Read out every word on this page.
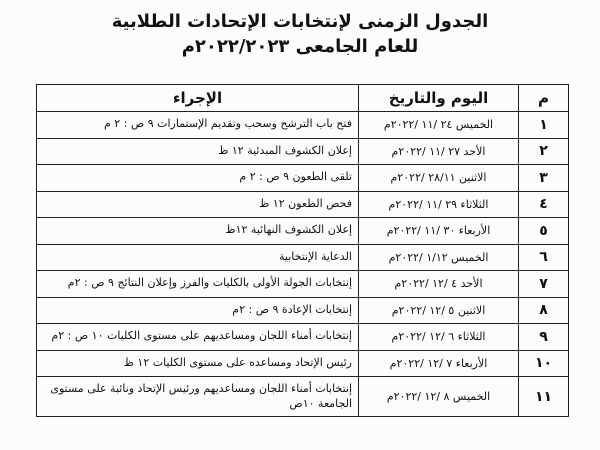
الجدول الزمنى لإنتخابات الإتحادات الطلابية
للعام الجامعى ٢٠٢٢/٢٠٢٣م
م	اليوم والتاريخ	الإجراء
١	الخميس ٢٤ /١١ /٢٠٢٢م	فتح باب الترشح وسحب وتقديم الإستمارات ٩ ص : ٢ م
٢	الأحد ٢٧ /١١ /٢٠٢٢م	إعلان الكشوف المبدئية ١٢ ظ
٣	الاثنين ٢٨/١١ /٢٠٢٢م	تلقى الطعون ٩ ص : ٢ م
٤	الثلاثاء ٢٩ /١١ /٢٠٢٢م	فحص الطعون ١٢ ظ
٥	الأربعاء ٣٠ /١١ /٢٠٢٢م	إعلان الكشوف النهائية ١٢ظ
٦	الخميس ١/١٢ /٢٠٢٢م	الدعاية الإنتخابية
٧	الأحد ٤ /١٢ /٢٠٢٢م	إنتخابات الجولة الأولى بالكليات والفرز وإعلان النتائج ٩ ص : ٢م
٨	الاثنين ٥ /١٢ /٢٠٢٢م	إنتخابات الإعادة ٩ ص : ٢م
٩	الثلاثاء ٦ /١٢ /٢٠٢٢م	إنتخابات أمناء اللجان ومساعديهم على مستوى الكليات ١٠ ص : ٢م
١٠	الأربعاء ٧ /١٢ /٢٠٢٢م	رئيس الإتحاد ومساعده على مستوى الكليات ١٢ ظ
١١	الخميس ٨ /١٢ /٢٠٢٢م	إنتخابات أمناء اللجان ومساعديهم ورئيس الإتحاد ونائبة على مستوى الجامعة ١٠ص
